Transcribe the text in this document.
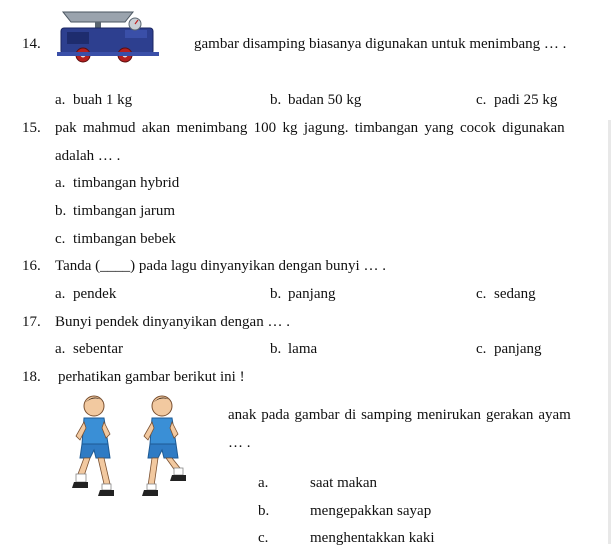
14.	gambar disamping biasanya digunakan untuk menimbang … .
a. buah 1 kg	b. badan 50 kg	c. padi 25 kg
15. pak mahmud akan menimbang 100 kg jagung. timbangan yang cocok digunakan
adalah … .
a. timbangan hybrid
b. timbangan jarum
c. timbangan bebek
16. Tanda (____) pada lagu dinyanyikan dengan bunyi … .
a. pendek	b. panjang	c. sedang
17. Bunyi pendek dinyanyikan dengan … .
a. sebentar	b. lama	c. panjang
18. perhatikan gambar berikut ini !
anak pada gambar di samping menirukan gerakan ayam
… .
a.	saat makan
b.	mengepakkan sayap
c.	menghentakkan kaki
